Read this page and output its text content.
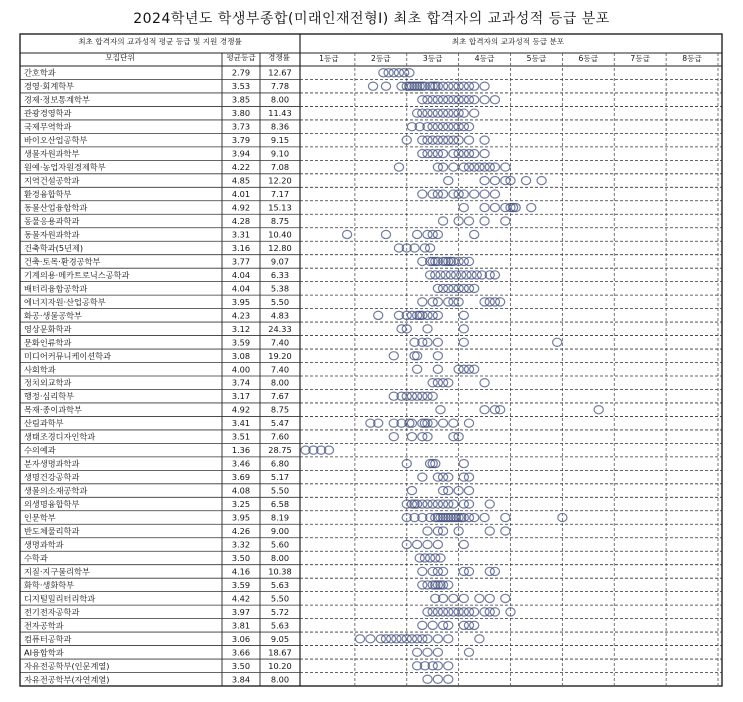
2024학년도 학생부종합(미래인재전형Ⅰ) 최초 합격자의 교과성적 등급 분포
최초 합격자의 교과성적 평균 등급 및 지원 경쟁률	최초 합격자의 교과성적 등급 분포
모집단위	평균등급 경쟁률	1등급	2등급	3등급	4등급	5등급	6등급	7등급	8등급
간호학과	2.79 12.67
경영·회계학부	3.53	7.78
경제·정보통계학부	3.85	8.00
관광경영학과	3.80 11.43
국제무역학과	3.73	8.36
바이오산업공학부	3.79	9.15
생물자원과학부	3.94	9.10
원예·농업자원경제학부	4.22	7.08
지역건설공학과	4.85 12.20
환경융합학부	4.01	7.17
동물산업융합학과	4.92 15.13
동물응용과학과	4.28	8.75
동물자원과학과	3.31 10.40
건축학과(5년제)	3.16 12.80
건축·토목·환경공학부	3.77	9.07
기계의용·메카트로닉스공학과	4.04	6.33
배터리융합공학과	4.04	5.38
에너지자원·산업공학부	3.95	5.50
화공·생물공학부	4.23	4.83
영상문화학과	3.12 24.33
문화인류학과	3.59	7.40
미디어커뮤니케이션학과	3.08 19.20
사회학과	4.00	7.40
정치외교학과	3.74	8.00
행정·심리학부	3.17	7.67
목재·종이과학부	4.92	8.75
산림과학부	3.41	5.47
생태조경디자인학과	3.51	7.60
수의예과	1.36 28.75
분자생명과학과	3.46	6.80
생명건강공학과	3.69	5.17
생물의소재공학과	4.08	5.50
의생명융합학부	3.25	6.58
인문학부	3.95	8.19
반도체물리학과	4.26	9.00
생명과학과	3.32	5.60
수학과	3.50	8.00
지질·지구물리학부	4.16 10.38
화학·생화학부	3.59	5.63
디지털밀리터리학과	4.42	5.50
전기전자공학과	3.97	5.72
전자공학과	3.81	5.63
컴퓨터공학과	3.06	9.05
AI융합학과	3.66 18.67
자유전공학부(인문계열)	3.50 10.20
자유전공학부(자연계열)	3.84	8.00
